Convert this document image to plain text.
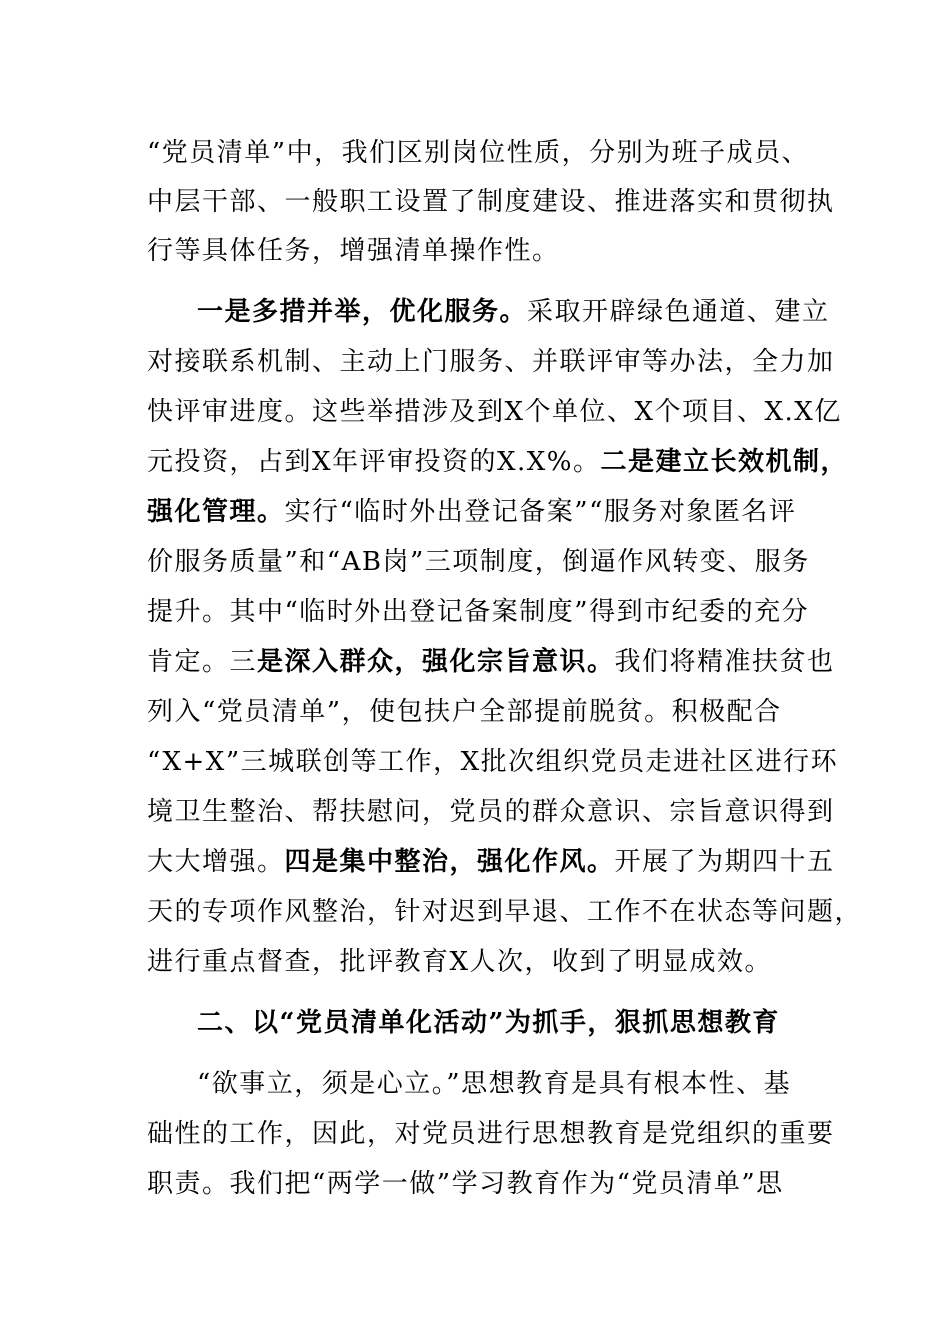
“党员清单”中，我们区别岗位性质，分别为班子成员、
中层干部、一般职工设置了制度建设、推进落实和贯彻执
行等具体任务，增强清单操作性。
一是多措并举，优化服务。采取开辟绿色通道、建立
对接联系机制、主动上门服务、并联评审等办法，全力加
快评审进度。这些举措涉及到X个单位、X个项目、X.X亿
元投资，占到X年评审投资的X.X%。二是建立长效机制，
强化管理。实行“临时外出登记备案”“服务对象匿名评
价服务质量”和“AB岗”三项制度，倒逼作风转变、服务
提升。其中“临时外出登记备案制度”得到市纪委的充分
肯定。三是深入群众，强化宗旨意识。我们将精准扶贫也
列入“党员清单”，使包扶户全部提前脱贫。积极配合
“X+X”三城联创等工作，X批次组织党员走进社区进行环
境卫生整治、帮扶慰问，党员的群众意识、宗旨意识得到
大大增强。四是集中整治，强化作风。开展了为期四十五
天的专项作风整治，针对迟到早退、工作不在状态等问题，
进行重点督查，批评教育X人次，收到了明显成效。
二、以“党员清单化活动”为抓手，狠抓思想教育
“欲事立，须是心立。”思想教育是具有根本性、基
础性的工作，因此，对党员进行思想教育是党组织的重要
职责。我们把“两学一做”学习教育作为“党员清单”思
